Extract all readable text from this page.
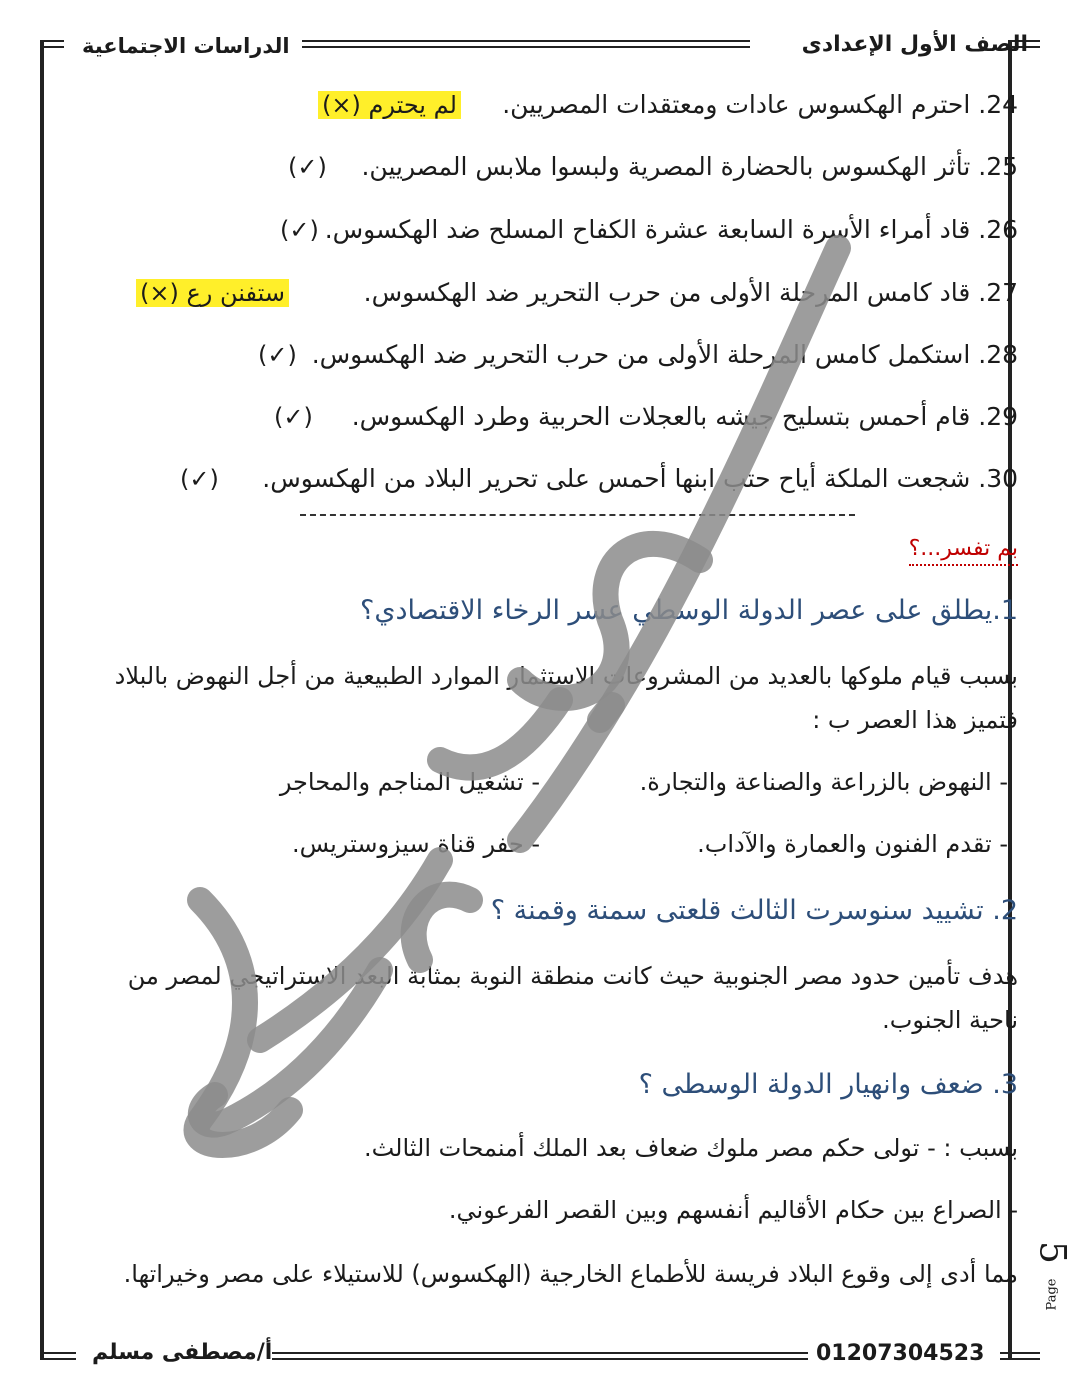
الصف الأول الإعدادى
الدراسات الاجتماعية
24. احترم الهكسوس عادات ومعتقدات المصريين.
(×) لم يحترم
25. تأثر الهكسوس بالحضارة المصرية ولبسوا ملابس المصريين.
(✓)
26. قاد أمراء الأسرة السابعة عشرة الكفاح المسلح ضد الهكسوس.
(✓)
27. قاد كامس المرحلة الأولى من حرب التحرير ضد الهكسوس.
(×) ستفنن رع
28. استكمل كامس المرحلة الأولى من حرب التحرير ضد الهكسوس.
(✓)
29. قام أحمس بتسليح جيشه بالعجلات الحربية وطرد الهكسوس.
(✓)
30. شجعت الملكة أياح حتب ابنها أحمس على تحرير البلاد من الهكسوس.
(✓)
بم تفسر...؟
1.يطلق على عصر الدولة الوسطي عسر الرخاء الاقتصادي؟
بسبب قيام ملوكها بالعديد من المشروعات الاستثمار الموارد الطبيعية من أجل النهوض بالبلاد
فتميز هذا العصر ب :
- النهوض بالزراعة والصناعة والتجارة.
- تشغيل المناجم والمحاجر
- تقدم الفنون والعمارة والآداب.
- حفر قناة سيزوستريس.
2. تشييد سنوسرت الثالث قلعتى سمنة وقمنة ؟
هدف تأمين حدود مصر الجنوبية حيث كانت منطقة النوبة بمثابة البعد الاستراتيجي لمصر من
ناحية الجنوب.
3. ضعف وانهيار الدولة الوسطى ؟
بسبب : - تولى حكم مصر ملوك ضعاف بعد الملك أمنمحات الثالث.
- الصراع بين حكام الأقاليم أنفسهم وبين القصر الفرعوني.
مما أدى إلى وقوع البلاد فريسة للأطماع الخارجية (الهكسوس) للاستيلاء على مصر وخيراتها.
5
Page
01207304523
أ/مصطفى مسلم
